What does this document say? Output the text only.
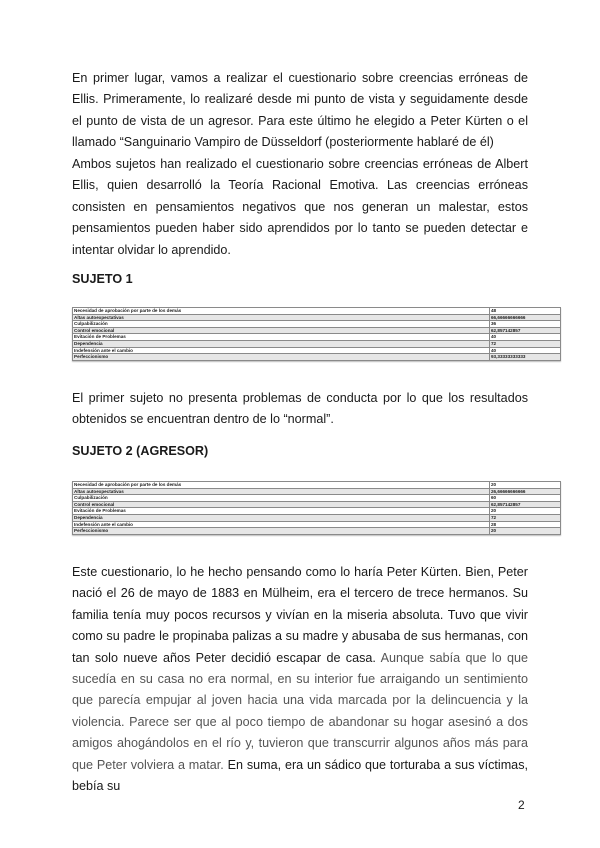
En primer lugar, vamos a realizar el cuestionario sobre creencias erróneas de Ellis. Primeramente, lo realizaré desde mi punto de vista y seguidamente desde el punto de vista de un agresor. Para este último he elegido a Peter Kürten o el llamado “Sanguinario Vampiro de Düsseldorf (posteriormente hablaré de él)

Ambos sujetos han realizado el cuestionario sobre creencias erróneas de Albert Ellis, quien desarrolló la Teoría Racional Emotiva. Las creencias erróneas consisten en pensamientos negativos que nos generan un malestar, estos pensamientos pueden haber sido aprendidos por lo tanto se pueden detectar e intentar olvidar lo aprendido.

SUJETO 1

Necesidad de aprobación por parte de los demás	48
Altas autoexpectativas	66,66666666666
Culpabilización	36
Control emocional	62,857142857
Evitación de Problemas	40
Dependencia	72
Indefensión ante el cambio	40
Perfeccionismo	93,33333333333

El primer sujeto no presenta problemas de conducta por lo que los resultados obtenidos se encuentran dentro de lo “normal”.

SUJETO 2 (AGRESOR)

Necesidad de aprobación por parte de los demás	20
Altas autoexpectativas	26,66666666666
Culpabilización	60
Control emocional	62,857142857
Evitación de Problemas	20
Dependencia	72
Indefensión ante el cambio	28
Perfeccionismo	20

Este cuestionario, lo he hecho pensando como lo haría Peter Kürten. Bien, Peter nació el 26 de mayo de 1883 en Mülheim, era el tercero de trece hermanos. Su familia tenía muy pocos recursos y vivían en la miseria absoluta. Tuvo que vivir como su padre le propinaba palizas a su madre y abusaba de sus hermanas, con tan solo nueve años Peter decidió escapar de casa. Aunque sabía que lo que sucedía en su casa no era normal, en su interior fue arraigando un sentimiento que parecía empujar al joven hacia una vida marcada por la delincuencia y la violencia. Parece ser que al poco tiempo de abandonar su hogar asesinó a dos amigos ahogándolos en el río y, tuvieron que transcurrir algunos años más para que Peter volviera a matar. En suma, era un sádico que torturaba a sus víctimas, bebía su

2
